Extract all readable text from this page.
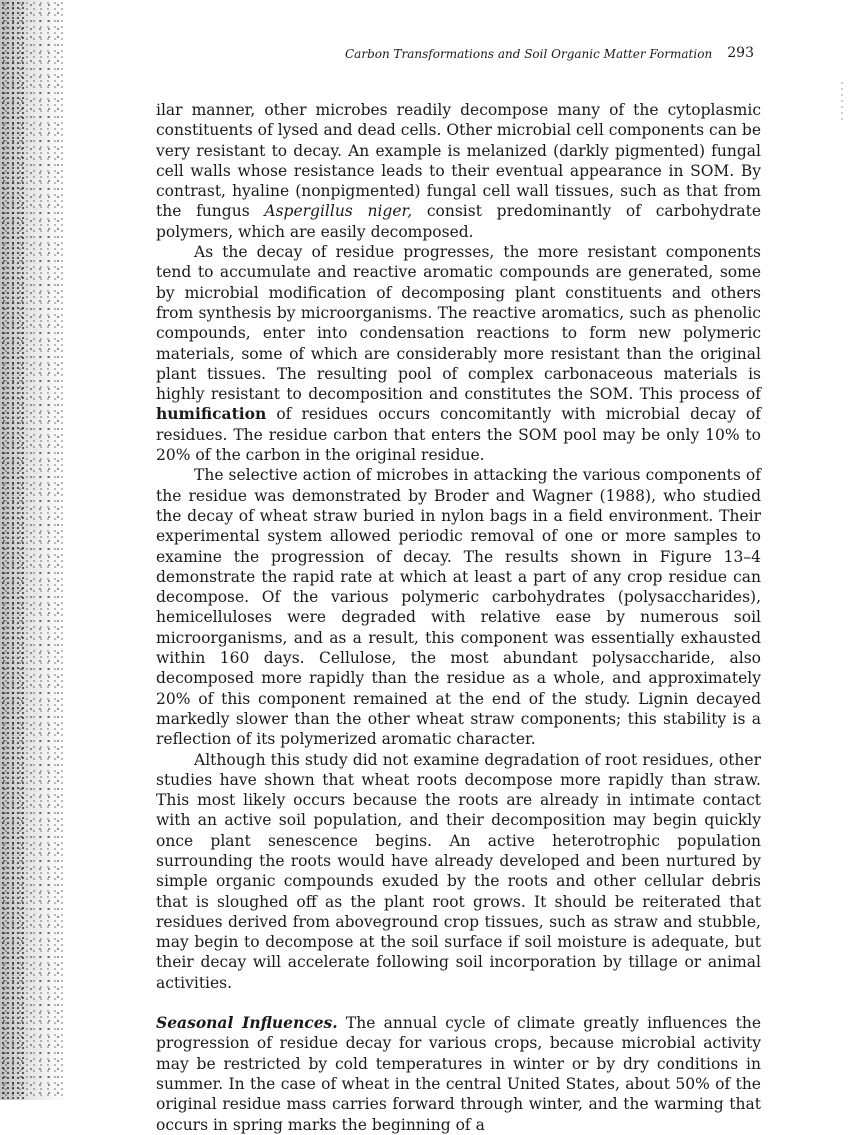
Carbon Transformations and Soil Organic Matter Formation 293

ilar manner, other microbes readily decompose many of the cytoplasmic constituents of lysed and dead cells. Other microbial cell components can be very resistant to decay. An example is melanized (darkly pigmented) fungal cell walls whose resistance leads to their eventual appearance in SOM. By contrast, hyaline (nonpigmented) fungal cell wall tissues, such as that from the fungus Aspergillus niger, consist predominantly of carbohydrate polymers, which are easily decomposed.

As the decay of residue progresses, the more resistant components tend to accumulate and reactive aromatic compounds are generated, some by microbial modification of decomposing plant constituents and others from synthesis by microorganisms. The reactive aromatics, such as phenolic compounds, enter into condensation reactions to form new polymeric materials, some of which are considerably more resistant than the original plant tissues. The resulting pool of complex carbonaceous materials is highly resistant to decomposition and constitutes the SOM. This process of humification of residues occurs concomitantly with microbial decay of residues. The residue carbon that enters the SOM pool may be only 10% to 20% of the carbon in the original residue.

The selective action of microbes in attacking the various components of the residue was demonstrated by Broder and Wagner (1988), who studied the decay of wheat straw buried in nylon bags in a field environment. Their experimental system allowed periodic removal of one or more samples to examine the progression of decay. The results shown in Figure 13–4 demonstrate the rapid rate at which at least a part of any crop residue can decompose. Of the various polymeric carbohydrates (polysaccharides), hemicelluloses were degraded with relative ease by numerous soil microorganisms, and as a result, this component was essentially exhausted within 160 days. Cellulose, the most abundant polysaccharide, also decomposed more rapidly than the residue as a whole, and approximately 20% of this component remained at the end of the study. Lignin decayed markedly slower than the other wheat straw components; this stability is a reflection of its polymerized aromatic character.

Although this study did not examine degradation of root residues, other studies have shown that wheat roots decompose more rapidly than straw. This most likely occurs because the roots are already in intimate contact with an active soil population, and their decomposition may begin quickly once plant senescence begins. An active heterotrophic population surrounding the roots would have already developed and been nurtured by simple organic compounds exuded by the roots and other cellular debris that is sloughed off as the plant root grows. It should be reiterated that residues derived from aboveground crop tissues, such as straw and stubble, may begin to decompose at the soil surface if soil moisture is adequate, but their decay will accelerate following soil incorporation by tillage or animal activities.

Seasonal Influences. The annual cycle of climate greatly influences the progression of residue decay for various crops, because microbial activity may be restricted by cold temperatures in winter or by dry conditions in summer. In the case of wheat in the central United States, about 50% of the original residue mass carries forward through winter, and the warming that occurs in spring marks the beginning of a
